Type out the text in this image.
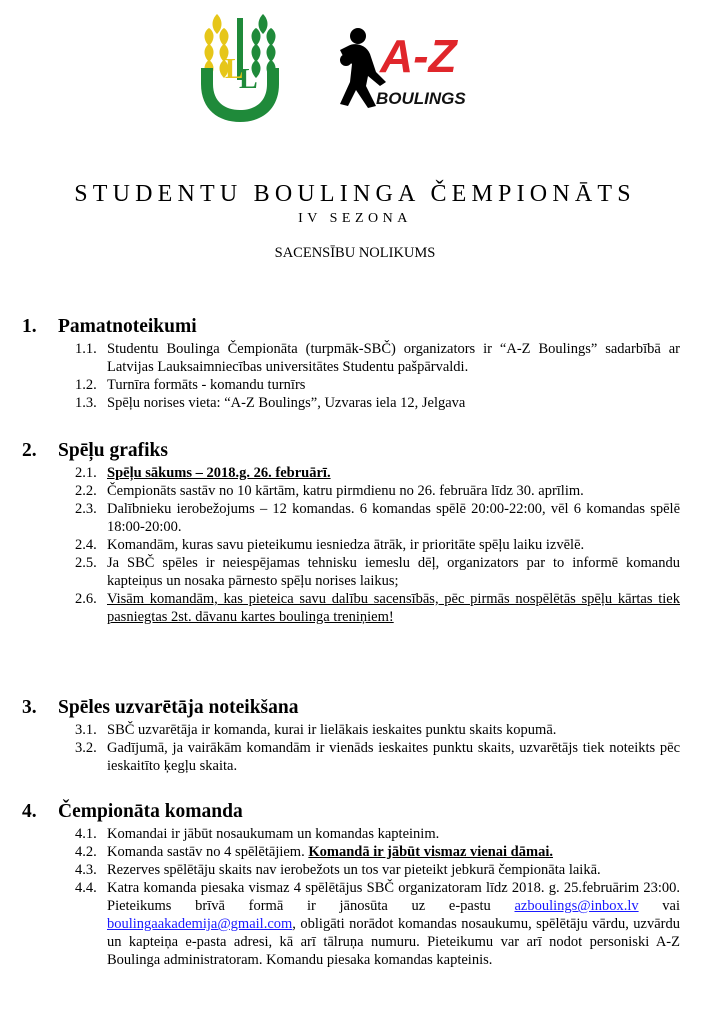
L
L	A-Z
BOULINGS
STUDENTU BOULINGA ČEMPIONĀTS
IV SEZONA
SACENSĪBU NOLIKUMS
1. Pamatnoteikumi
1.1. Studentu Boulinga Čempionāta (turpmāk-SBČ) organizators ir “A-Z Boulings” sadarbībā ar Latvijas Lauksaimniecības universitātes Studentu pašpārvaldi.
1.2. Turnīra formāts - komandu turnīrs
1.3. Spēļu norises vieta: “A-Z Boulings”, Uzvaras iela 12, Jelgava
2. Spēļu grafiks
2.1. Spēļu sākums – 2018.g. 26. februārī.
2.2. Čempionāts sastāv no 10 kārtām, katru pirmdienu no 26. februāra līdz 30. aprīlim.
2.3. Dalībnieku ierobežojums – 12 komandas. 6 komandas spēlē 20:00-22:00, vēl 6 komandas spēlē 18:00-20:00.
2.4. Komandām, kuras savu pieteikumu iesniedza ātrāk, ir prioritāte spēļu laiku izvēlē.
2.5. Ja SBČ spēles ir neiespējamas tehnisku iemeslu dēļ, organizators par to informē komandu kapteiņus un nosaka pārnesto spēļu norises laikus;
2.6. Visām komandām, kas pieteica savu dalību sacensībās, pēc pirmās nospēlētās spēļu kārtas tiek pasniegtas 2st. dāvanu kartes boulinga treniņiem!
3. Spēles uzvarētāja noteikšana
3.1. SBČ uzvarētāja ir komanda, kurai ir lielākais ieskaites punktu skaits kopumā.
3.2. Gadījumā, ja vairākām komandām ir vienāds ieskaites punktu skaits, uzvarētājs tiek noteikts pēc ieskaitīto ķegļu skaita.
4. Čempionāta komanda
4.1. Komandai ir jābūt nosaukumam un komandas kapteinim.
4.2. Komanda sastāv no 4 spēlētājiem. Komandā ir jābūt vismaz vienai dāmai.
4.3. Rezerves spēlētāju skaits nav ierobežots un tos var pieteikt jebkurā čempionāta laikā.
4.4. Katra komanda piesaka vismaz 4 spēlētājus SBČ organizatoram līdz 2018. g. 25.februārim 23:00. Pieteikums brīvā formā ir jānosūta uz e-pastu azboulings@inbox.lv vai boulingaakademija@gmail.com, obligāti norādot komandas nosaukumu, spēlētāju vārdu, uzvārdu un kapteiņa e-pasta adresi, kā arī tālruņa numuru. Pieteikumu var arī nodot personiski A-Z Boulinga administratoram. Komandu piesaka komandas kapteinis.
